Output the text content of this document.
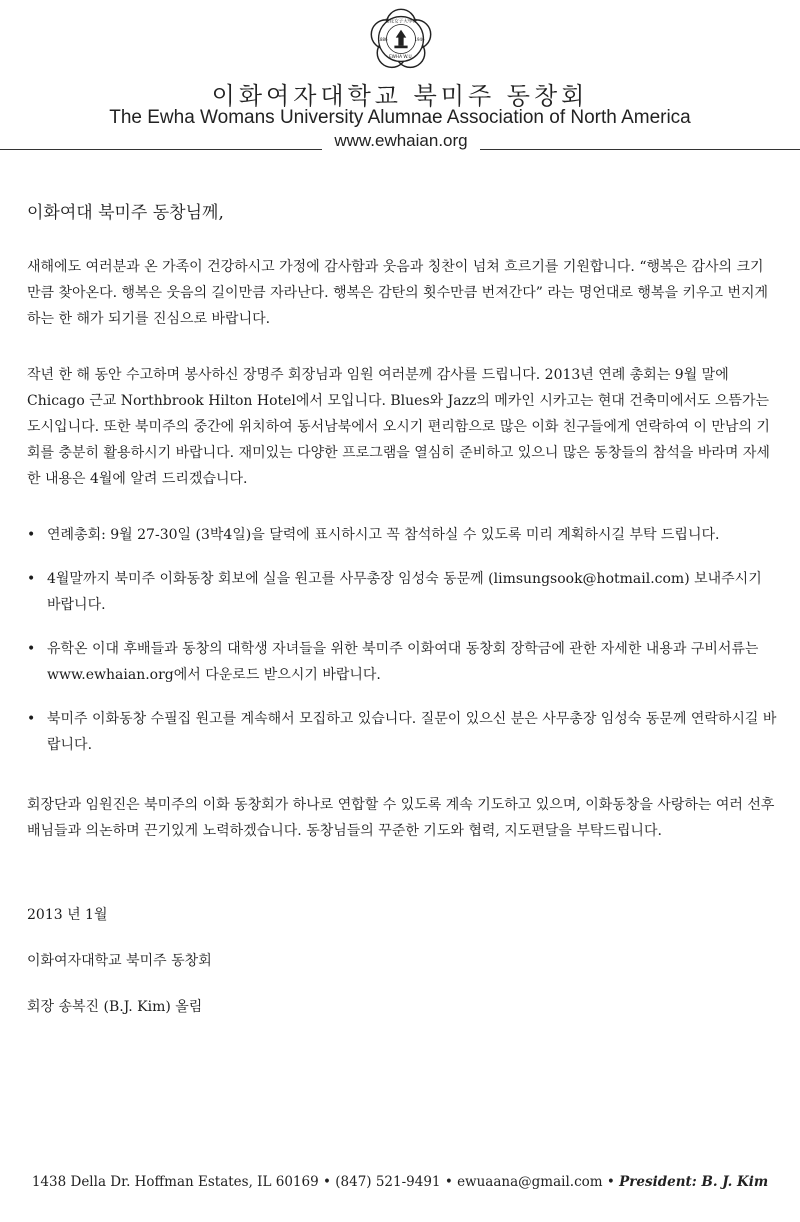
梨花女子大學校
1886	1946
EWHA W.U.
이화여자대학교 북미주 동창회
The Ewha Womans University Alumnae Association of North America
www.ewhaian.org

이화여대 북미주 동창님께,

새해에도 여러분과 온 가족이 건강하시고 가정에 감사함과 웃음과 칭찬이 넘쳐 흐르기를 기원합니다. “행복은 감사의 크기만큼 찾아온다. 행복은 웃음의 길이만큼 자라난다. 행복은 감탄의 횟수만큼 번져간다” 라는 명언대로 행복을 키우고 번지게하는 한 해가 되기를 진심으로 바랍니다.

작년 한 해 동안 수고하며 봉사하신 장명주 회장님과 임원 여러분께 감사를 드립니다. 2013년 연례 총회는 9월 말에 Chicago 근교 Northbrook Hilton Hotel에서 모입니다. Blues와 Jazz의 메카인 시카고는 현대 건축미에서도 으뜸가는 도시입니다. 또한 북미주의 중간에 위치하여 동서남북에서 오시기 편리함으로 많은 이화 친구들에게 연락하여 이 만남의 기회를 충분히 활용하시기 바랍니다. 재미있는 다양한 프로그램을 열심히 준비하고 있으니 많은 동창들의 참석을 바라며 자세한 내용은 4월에 알려 드리겠습니다.

• 연례총회: 9월 27-30일 (3박4일)을 달력에 표시하시고 꼭 참석하실 수 있도록 미리 계획하시길 부탁 드립니다.
• 4월말까지 북미주 이화동창 회보에 실을 원고를 사무총장 임성숙 동문께 (limsungsook@hotmail.com) 보내주시기 바랍니다.
• 유학온 이대 후배들과 동창의 대학생 자녀들을 위한 북미주 이화여대 동창회 장학금에 관한 자세한 내용과 구비서류는 www.ewhaian.org에서 다운로드 받으시기 바랍니다.
• 북미주 이화동창 수필집 원고를 계속해서 모집하고 있습니다. 질문이 있으신 분은 사무총장 임성숙 동문께 연락하시길 바랍니다.

회장단과 임원진은 북미주의 이화 동창회가 하나로 연합할 수 있도록 계속 기도하고 있으며, 이화동창을 사랑하는 여러 선후배님들과 의논하며 끈기있게 노력하겠습니다. 동창님들의 꾸준한 기도와 협력, 지도편달을 부탁드립니다.

2013 년 1월

이화여자대학교 북미주 동창회

회장 송복진 (B.J. Kim) 올림

1438 Della Dr. Hoffman Estates, IL 60169 • (847) 521-9491 • ewuaana@gmail.com • President: B. J. Kim
